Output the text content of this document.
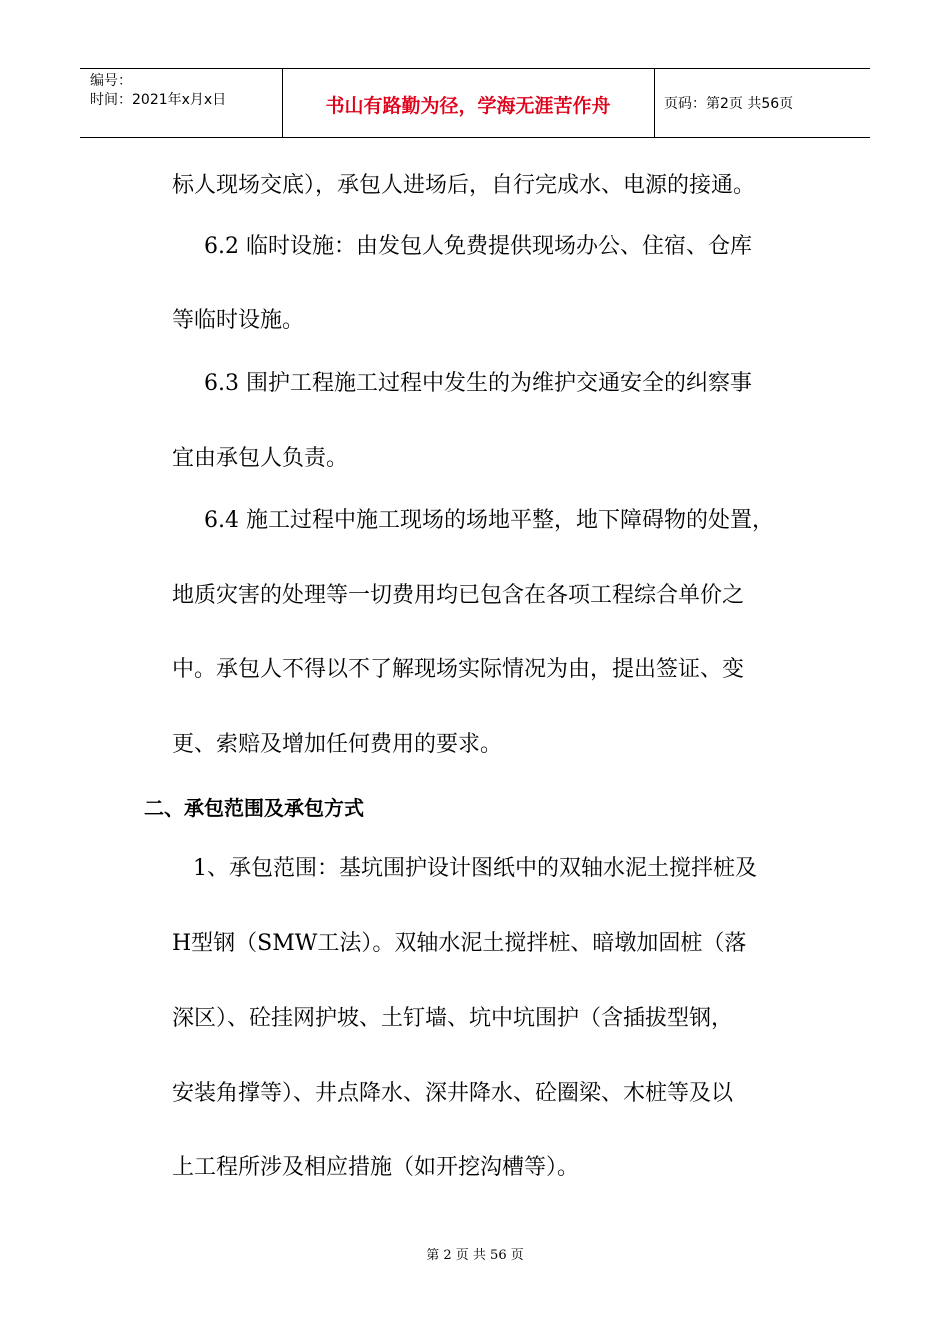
编号：
时间：2021年x月x日	书山有路勤为径，学海无涯苦作舟	页码：第2页 共56页
标人现场交底），承包人进场后，自行完成水、电源的接通。
6.2 临时设施：由发包人免费提供现场办公、住宿、仓库
等临时设施。
6.3 围护工程施工过程中发生的为维护交通安全的纠察事
宜由承包人负责。
6.4 施工过程中施工现场的场地平整，地下障碍物的处置，
地质灾害的处理等一切费用均已包含在各项工程综合单价之
中。承包人不得以不了解现场实际情况为由，提出签证、变
更、索赔及增加任何费用的要求。
二、承包范围及承包方式
1、承包范围：基坑围护设计图纸中的双轴水泥土搅拌桩及
H型钢（SMW工法）。双轴水泥土搅拌桩、暗墩加固桩（落
深区）、砼挂网护坡、土钉墙、坑中坑围护（含插拔型钢，
安装角撑等）、井点降水、深井降水、砼圈梁、木桩等及以
上工程所涉及相应措施（如开挖沟槽等）。
第 2 页 共 56 页
